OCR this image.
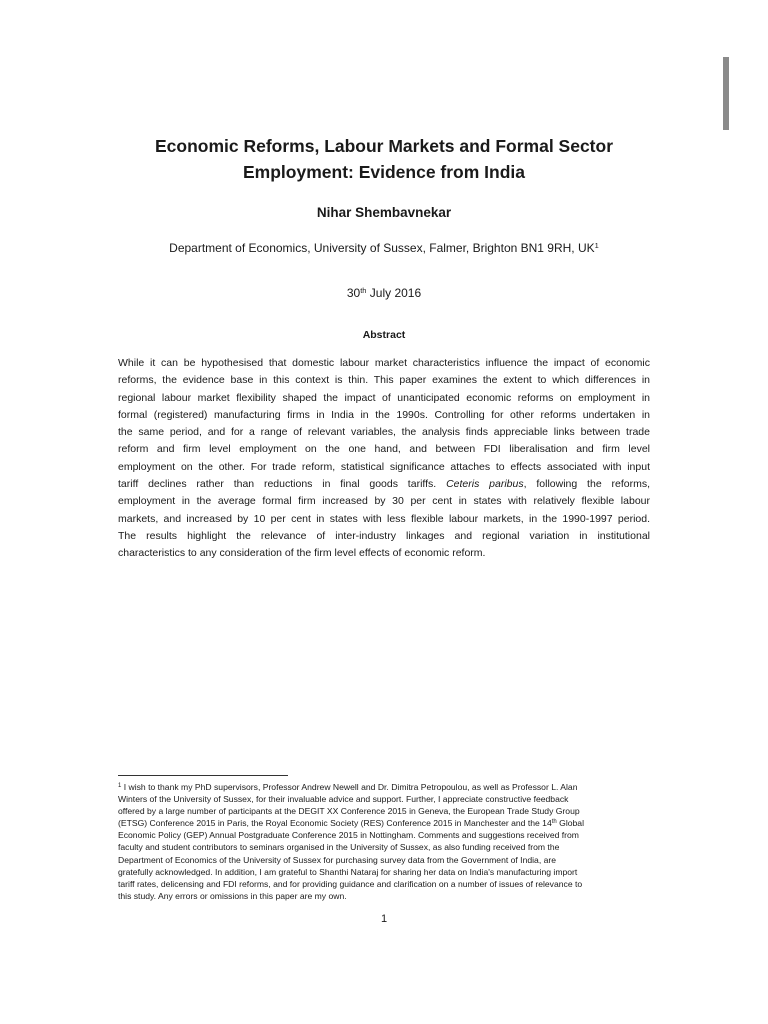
Economic Reforms, Labour Markets and Formal Sector
Employment: Evidence from India
Nihar Shembavnekar
Department of Economics, University of Sussex, Falmer, Brighton BN1 9RH, $UK^1$
30th July 2016
Abstract
While it can be hypothesised that domestic labour market characteristics influence the impact of economic
reforms, the evidence base in this context is thin. This paper examines the extent to which differences in
regional labour market flexibility shaped the impact of unanticipated economic reforms on employment in
formal (registered) manufacturing firms in India in the 1990s. Controlling for other reforms undertaken in
the same period, and for a range of relevant variables, the analysis finds appreciable links between trade
reform and firm level employment on the one hand, and between FDI liberalisation and firm level
employment on the other. For trade reform, statistical significance attaches to effects associated with input
tariff declines rather than reductions in final goods tariffs. Ceteris paribus, following the reforms,
employment in the average formal firm increased by 30 per cent in states with relatively flexible labour
markets, and increased by 10 per cent in states with less flexible labour markets, in the 1990-1997 period.
The results highlight the relevance of inter-industry linkages and regional variation in institutional
characteristics to any consideration of the firm level effects of economic reform.
$^1$ I wish to thank my PhD supervisors, Professor Andrew Newell and Dr. Dimitra Petropoulou, as well as Professor L. Alan
Winters of the University of Sussex, for their invaluable advice and support. Further, I appreciate constructive feedback
offered by a large number of participants at the DEGIT XX Conference 2015 in Geneva, the European Trade Study Group
(ETSG) Conference 2015 in Paris, the Royal Economic Society (RES) Conference 2015 in Manchester and the 14th Global
Economic Policy (GEP) Annual Postgraduate Conference 2015 in Nottingham. Comments and suggestions received from
faculty and student contributors to seminars organised in the University of Sussex, as also funding received from the
Department of Economics of the University of Sussex for purchasing survey data from the Government of India, are
gratefully acknowledged. In addition, I am grateful to Shanthi Nataraj for sharing her data on India's manufacturing import
tariff rates, delicensing and FDI reforms, and for providing guidance and clarification on a number of issues of relevance to
this study. Any errors or omissions in this paper are my own.
1
